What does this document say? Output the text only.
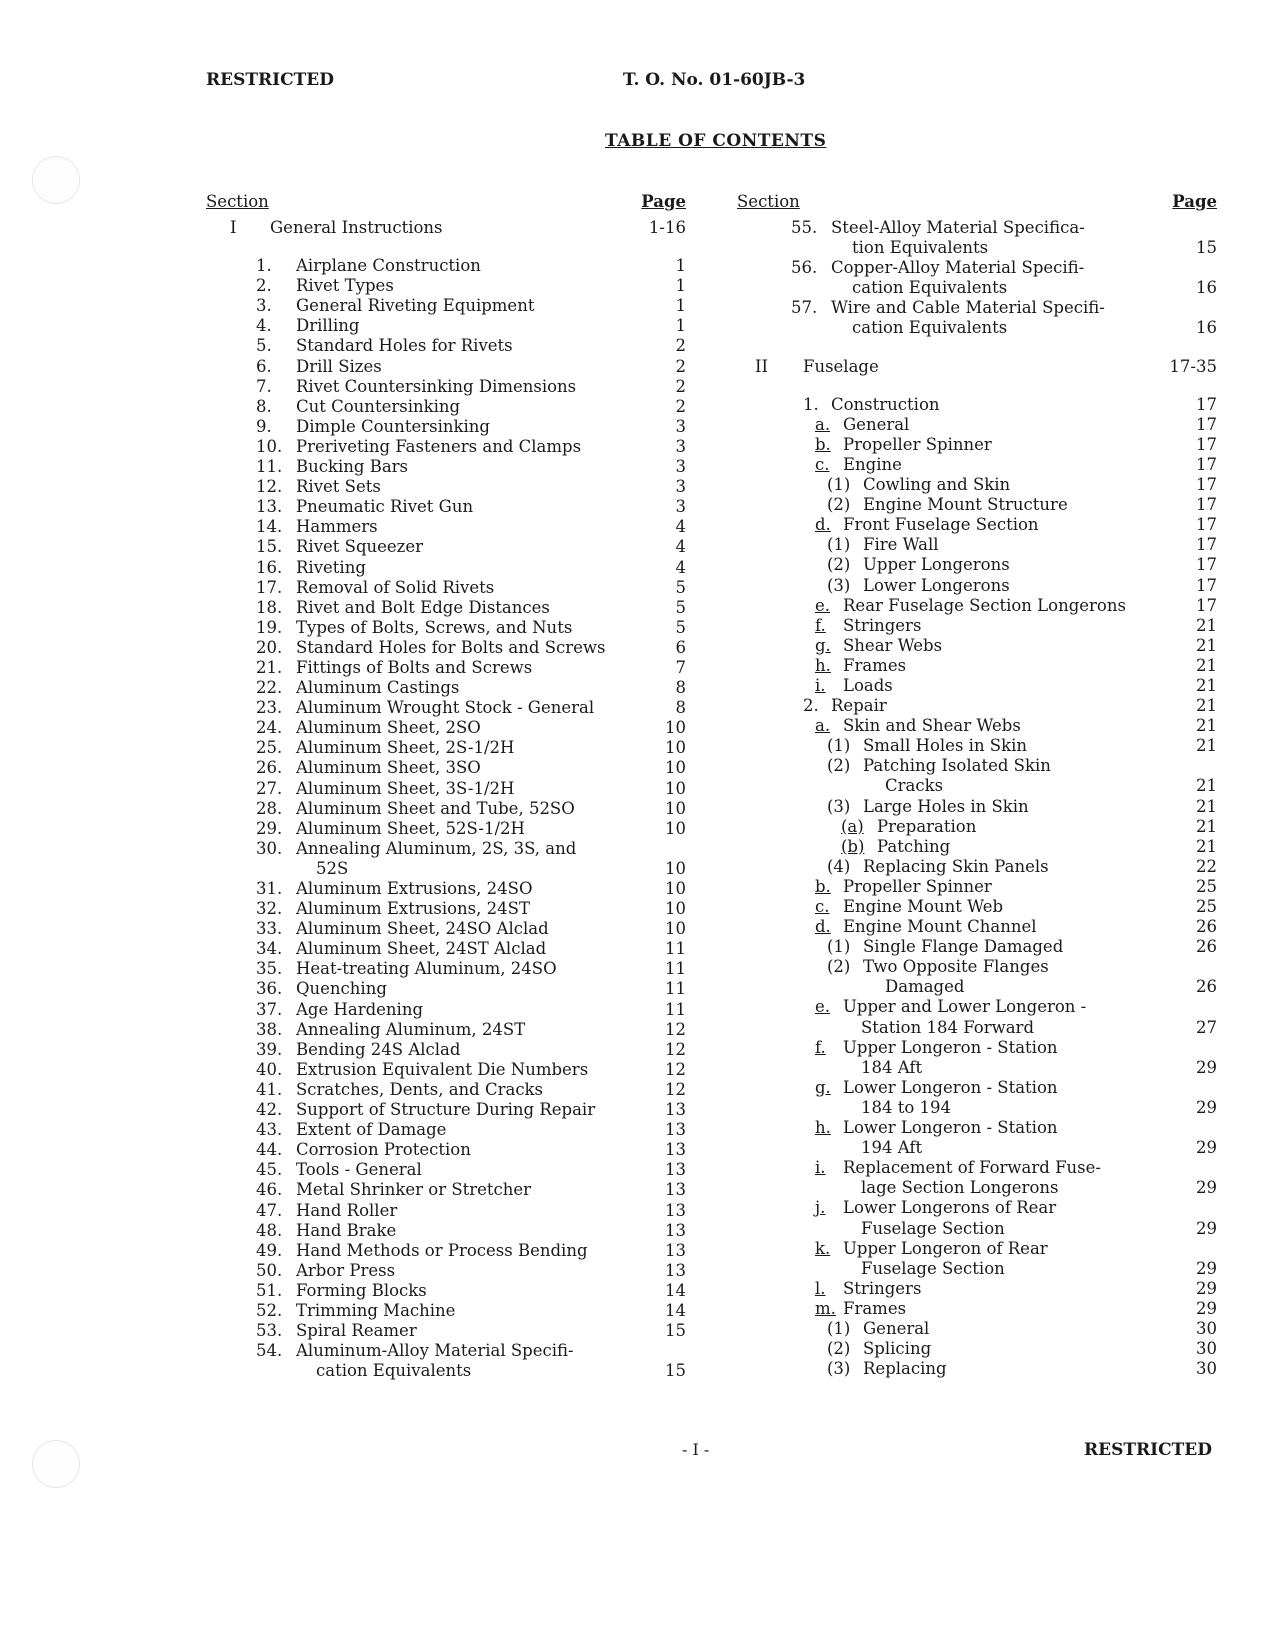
RESTRICTED	T. O. No. 01-60JB-3
TABLE OF CONTENTS
Section	Page
I General Instructions	1-16
1. Airplane Construction	1
2. Rivet Types	1
3. General Riveting Equipment	1
4. Drilling	1
5. Standard Holes for Rivets	2
6. Drill Sizes	2
7. Rivet Countersinking Dimensions	2
8. Cut Countersinking	2
9. Dimple Countersinking	3
10. Preriveting Fasteners and Clamps	3
11. Bucking Bars	3
12. Rivet Sets	3
13. Pneumatic Rivet Gun	3
14. Hammers	4
15. Rivet Squeezer	4
16. Riveting	4
17. Removal of Solid Rivets	5
18. Rivet and Bolt Edge Distances	5
19. Types of Bolts, Screws, and Nuts	5
20. Standard Holes for Bolts and Screws	6
21. Fittings of Bolts and Screws	7
22. Aluminum Castings	8
23. Aluminum Wrought Stock - General	8
24. Aluminum Sheet, 2SO	10
25. Aluminum Sheet, 2S-1/2H	10
26. Aluminum Sheet, 3SO	10
27. Aluminum Sheet, 3S-1/2H	10
28. Aluminum Sheet and Tube, 52SO	10
29. Aluminum Sheet, 52S-1/2H	10
30. Annealing Aluminum, 2S, 3S, and
52S	10
31. Aluminum Extrusions, 24SO	10
32. Aluminum Extrusions, 24ST	10
33. Aluminum Sheet, 24SO Alclad	10
34. Aluminum Sheet, 24ST Alclad	11
35. Heat-treating Aluminum, 24SO	11
36. Quenching	11
37. Age Hardening	11
38. Annealing Aluminum, 24ST	12
39. Bending 24S Alclad	12
40. Extrusion Equivalent Die Numbers	12
41. Scratches, Dents, and Cracks	12
42. Support of Structure During Repair	13
43. Extent of Damage	13
44. Corrosion Protection	13
45. Tools - General	13
46. Metal Shrinker or Stretcher	13
47. Hand Roller	13
48. Hand Brake	13
49. Hand Methods or Process Bending	13
50. Arbor Press	13
51. Forming Blocks	14
52. Trimming Machine	14
53. Spiral Reamer	15
54. Aluminum-Alloy Material Specifi-
cation Equivalents	15
Section	Page
55. Steel-Alloy Material Specifica-
tion Equivalents	15
56. Copper-Alloy Material Specifi-
cation Equivalents	16
57. Wire and Cable Material Specifi-
cation Equivalents	16
II Fuselage	17-35
1. Construction	17
a. General	17
b. Propeller Spinner	17
c. Engine	17
(1) Cowling and Skin	17
(2) Engine Mount Structure	17
d. Front Fuselage Section	17
(1) Fire Wall	17
(2) Upper Longerons	17
(3) Lower Longerons	17
e. Rear Fuselage Section Longerons	17
f. Stringers	21
g. Shear Webs	21
h. Frames	21
i. Loads	21
2. Repair	21
a. Skin and Shear Webs	21
(1) Small Holes in Skin	21
(2) Patching Isolated Skin
Cracks	21
(3) Large Holes in Skin	21
(a) Preparation	21
(b) Patching	21
(4) Replacing Skin Panels	22
b. Propeller Spinner	25
c. Engine Mount Web	25
d. Engine Mount Channel	26
(1) Single Flange Damaged	26
(2) Two Opposite Flanges
Damaged	26
e. Upper and Lower Longeron -
Station 184 Forward	27
f. Upper Longeron - Station
184 Aft	29
g. Lower Longeron - Station
184 to 194	29
h. Lower Longeron - Station
194 Aft	29
i. Replacement of Forward Fuse-
lage Section Longerons	29
j. Lower Longerons of Rear
Fuselage Section	29
k. Upper Longeron of Rear
Fuselage Section	29
l. Stringers	29
m. Frames	29
(1) General	30
(2) Splicing	30
(3) Replacing	30
- I -	RESTRICTED
